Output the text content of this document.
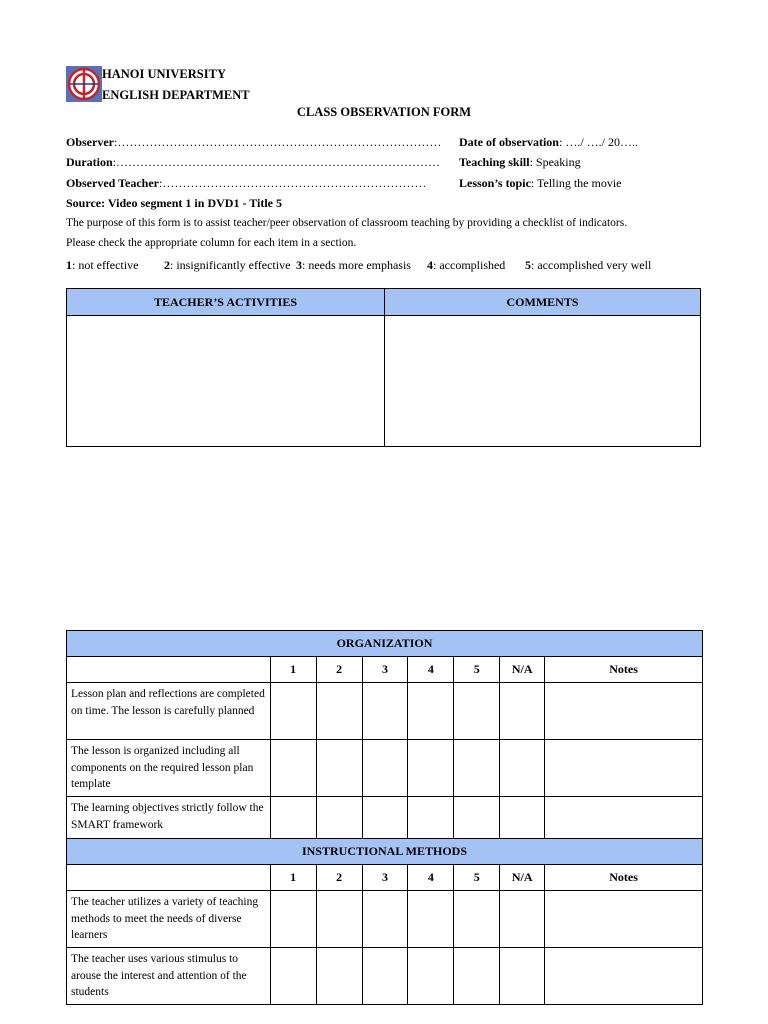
HANOI UNIVERSITY
ENGLISH DEPARTMENT
CLASS OBSERVATION FORM
Observer:………………………………………………………………………
Duration:………………………………………………………………………
Observed Teacher:…………………………………………………………
Date of observation: …./ …./ 20…..
Teaching skill: Speaking
Lesson’s topic: Telling the movie
Source: Video segment 1 in DVD1 - Title 5
The purpose of this form is to assist teacher/peer observation of classroom teaching by providing a checklist of indicators.
Please check the appropriate column for each item in a section.
1: not effective 2: insignificantly effective 3: needs more emphasis 4: accomplished 5: accomplished very well
TEACHER’S ACTIVITIES	COMMENTS

ORGANIZATION							
	1	2	3	4	5	N/A	Notes
Lesson plan and reflections are completed on time. The lesson is carefully planned							
The lesson is organized including all components on the required lesson plan template							
The learning objectives strictly follow the SMART framework							
INSTRUCTIONAL METHODS							
	1	2	3	4	5	N/A	Notes
The teacher utilizes a variety of teaching methods to meet the needs of diverse learners							
The teacher uses various stimulus to arouse the interest and attention of the students							
